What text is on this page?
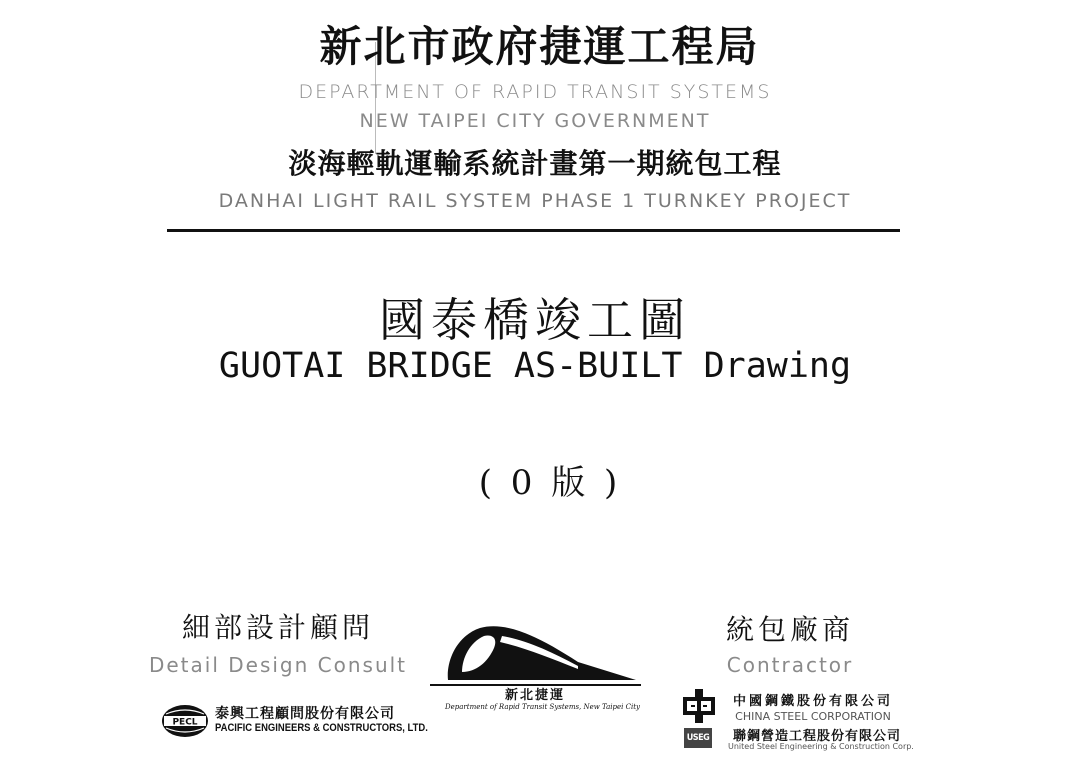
新北市政府捷運工程局
DEPARTMENT OF RAPID TRANSIT SYSTEMS
NEW TAIPEI CITY GOVERNMENT
淡海輕軌運輸系統計畫第一期統包工程
DANHAI LIGHT RAIL SYSTEM PHASE 1 TURNKEY PROJECT
國泰橋竣工圖
GUOTAI BRIDGE AS-BUILT Drawing
( 0 版 )
細部設計顧問
Detail Design Consult
PECL
泰興工程顧問股份有限公司
PACIFIC ENGINEERS & CONSTRUCTORS, LTD.
新北捷運
Department of Rapid Transit Systems, New Taipei City
統包廠商
Contractor
中國鋼鐵股份有限公司
CHINA STEEL CORPORATION
USEG 聯鋼營造工程股份有限公司
United Steel Engineering & Construction Corp.
